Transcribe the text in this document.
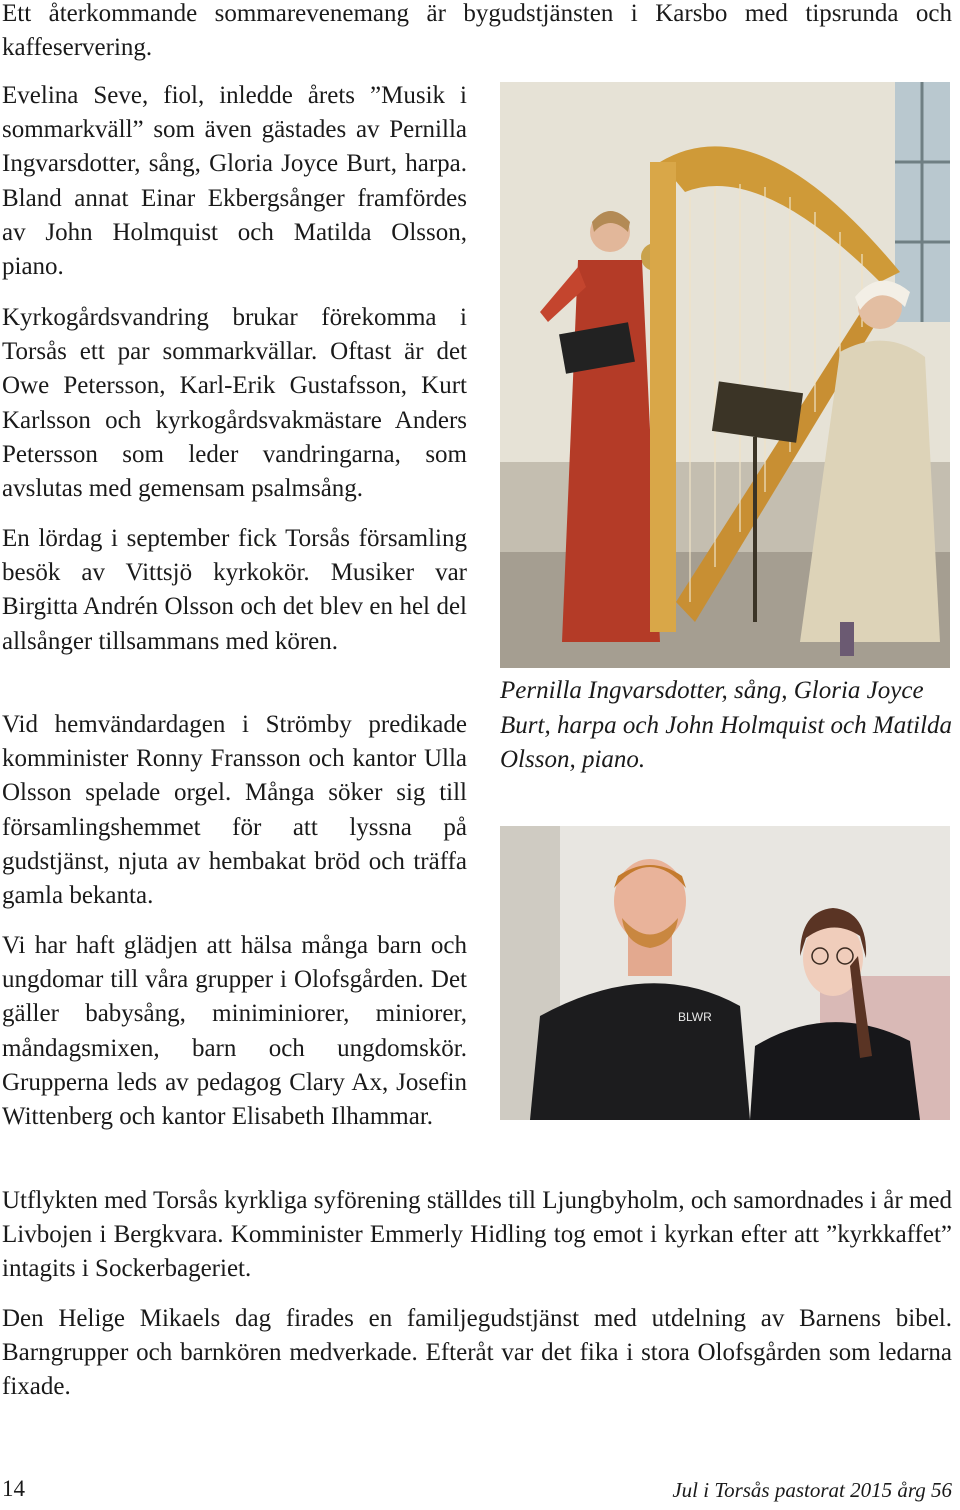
Ett återkommande sommarevenemang är bygudstjänsten i Karsbo med tipsrunda och kaffeservering.

Evelina Seve, fiol, inledde årets ”Musik i sommarkväll” som även gästades av Pernilla Ingvarsdotter, sång, Gloria Joyce Burt, harpa. Bland annat Einar Ekbergsånger framfördes av John Holmquist och Matilda Olsson, piano.

Kyrkogårdsvandring brukar förekomma i Torsås ett par sommarkvällar. Oftast är det Owe Petersson, Karl-Erik Gustafsson, Kurt Karlsson och kyrkogårdsvakmästare Anders Petersson som leder vandringarna, som avslutas med gemensam psalmsång.

En lördag i september fick Torsås församling besök av Vittsjö kyrkokör. Musiker var Birgitta Andrén Olsson och det blev en hel del allsånger tillsammans med kören.

Vid hemvändardagen i Strömby predikade komminister Ronny Fransson och kantor Ulla Olsson spelade orgel. Många söker sig till församlingshemmet för att lyssna på gudstjänst, njuta av hembakat bröd och träffa gamla bekanta.

Vi har haft glädjen att hälsa många barn och ungdomar till våra grupper i Olofsgården. Det gäller babysång, miniminiorer, miniorer, måndagsmixen, barn och ungdomskör. Grupperna leds av pedagog Clary Ax, Josefin Wittenberg och kantor Elisabeth Ilhammar.

Utflykten med Torsås kyrkliga syförening ställdes till Ljungbyholm, och samordnades i år med Livbojen i Bergkvara. Komminister Emmerly Hidling tog emot i kyrkan efter att ”kyrkkaffet” intagits i Sockerbageriet.

Den Helige Mikaels dag firades en familjegudstjänst med utdelning av Barnens bibel. Barngrupper och barnkören medverkade. Efteråt var det fika i stora Olofsgården som ledarna fixade.

Pernilla Ingvarsdotter, sång, Gloria Joyce Burt, harpa och John Holmquist och Matilda Olsson, piano.

BLWR
14	Jul i Torsås pastorat 2015 årg 56
